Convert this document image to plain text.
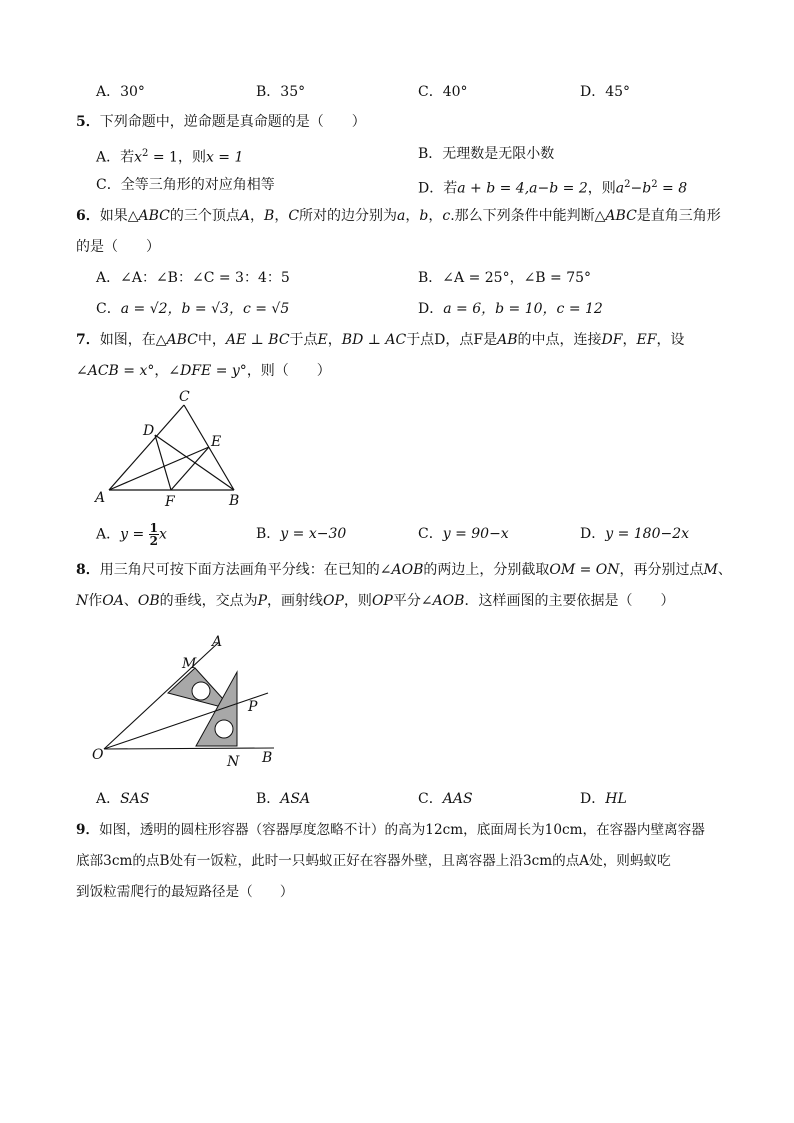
A．30°	B．35°	C．40°	D．45°
5．下列命题中，逆命题是真命题的是（　　）
A．若$x^2 = 1$，则x = 1	B．无理数是无限小数
C．全等三角形的对应角相等	D．若a + b = 4,a−b = 2，则$a^2-b^2 = 8$
6．如果△ABC的三个顶点A，B，C所对的边分别为a，b，c.那么下列条件中能判断△ABC是直角三角形
的是（　　）
A．∠A：∠B：∠C = 3：4：5	B．∠A = 25°，∠B = 75°
C．a = √2，b = √3，c = √5	D．a = 6，b = 10，c = 12
7．如图，在△ABC中，AE ⊥ BC于点E，BD ⊥ AC于点D，点F是AB的中点，连接DF，EF，设
∠ACB = x°，∠DFE = y°，则（　　）
C
D
E
A	F	B
A．$y = \frac{1}{2}$ x	B．y = x−30	C．y = 90−x	D．y = 180−2x
8．用三角尺可按下面方法画角平分线：在已知的∠AOB的两边上，分别截取OM = ON，再分别过点M、
N作OA、OB的垂线，交点为P，画射线OP，则OP平分∠AOB．这样画图的主要依据是（　　）
A
M
P
O	N B
A．SAS	B．ASA	C．AAS	D．HL
9．如图，透明的圆柱形容器（容器厚度忽略不计）的高为12cm，底面周长为10cm，在容器内壁离容器
底部3cm的点B处有一饭粒，此时一只蚂蚁正好在容器外壁，且离容器上沿3cm的点A处，则蚂蚁吃
到饭粒需爬行的最短路径是（　　）
